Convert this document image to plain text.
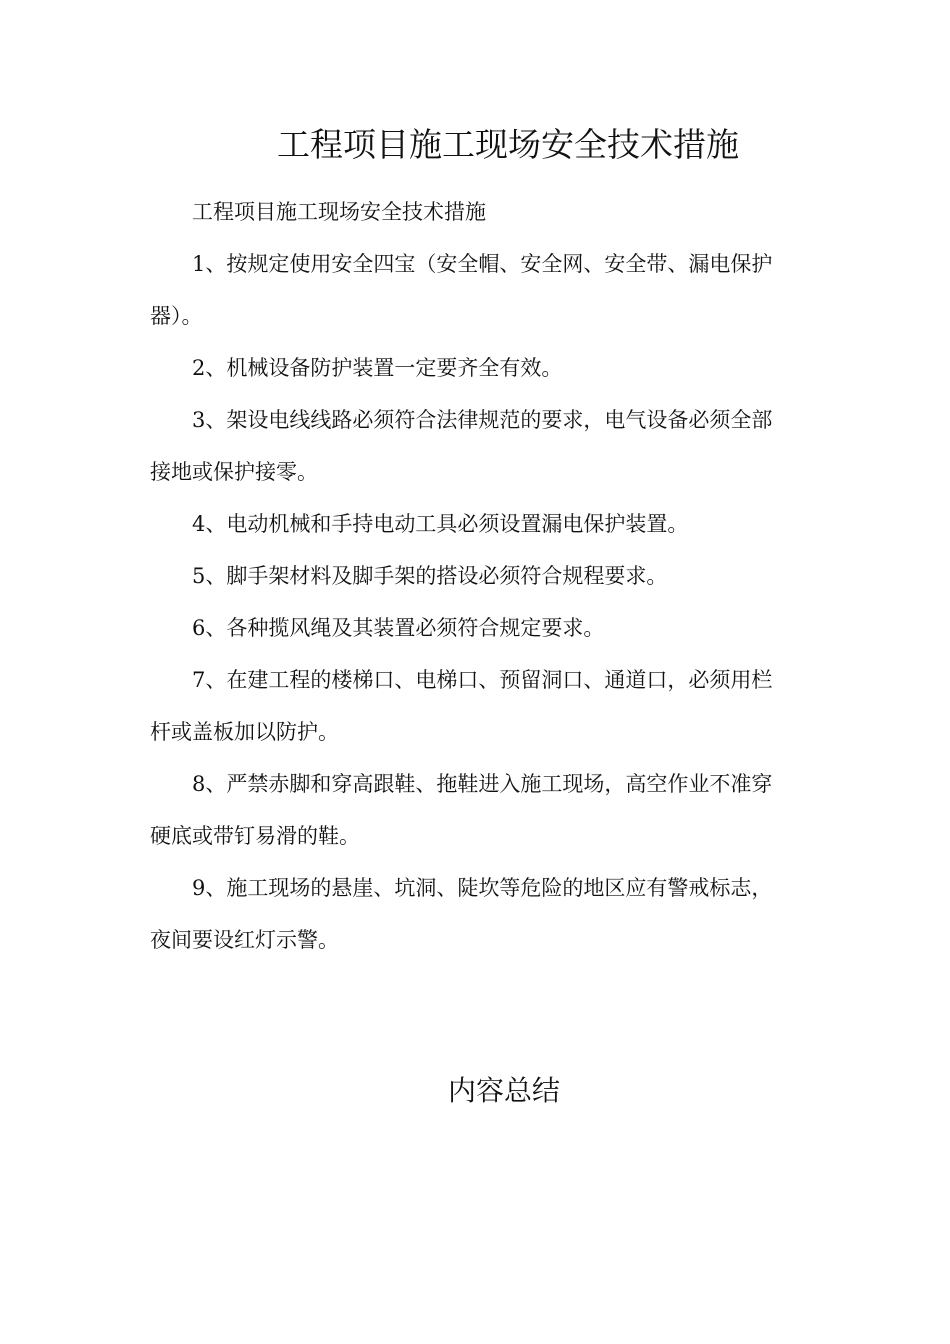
工程项目施工现场安全技术措施

工程项目施工现场安全技术措施

1、按规定使用安全四宝（安全帽、安全网、安全带、漏电保护器）。

2、机械设备防护装置一定要齐全有效。

3、架设电线线路必须符合法律规范的要求，电气设备必须全部接地或保护接零。

4、电动机械和手持电动工具必须设置漏电保护装置。

5、脚手架材料及脚手架的搭设必须符合规程要求。

6、各种揽风绳及其装置必须符合规定要求。

7、在建工程的楼梯口、电梯口、预留洞口、通道口，必须用栏杆或盖板加以防护。

8、严禁赤脚和穿高跟鞋、拖鞋进入施工现场，高空作业不准穿硬底或带钉易滑的鞋。

9、施工现场的悬崖、坑洞、陡坎等危险的地区应有警戒标志，夜间要设红灯示警。

内容总结
